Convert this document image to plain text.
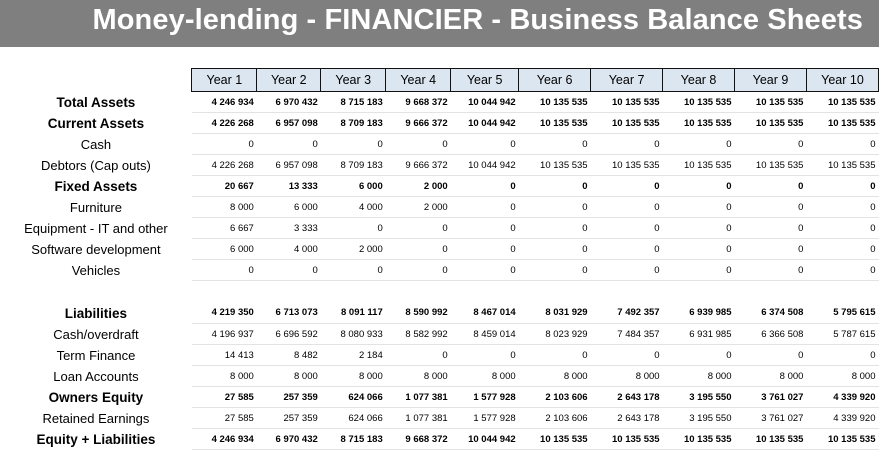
Money-lending - FINANCIER - Business Balance Sheets
	Year 1	Year 2	Year 3	Year 4	Year 5	Year 6	Year 7	Year 8	Year 9	Year 10
Total Assets	4 246 934	6 970 432	8 715 183	9 668 372	10 044 942	10 135 535	10 135 535	10 135 535	10 135 535	10 135 535
Current Assets	4 226 268	6 957 098	8 709 183	9 666 372	10 044 942	10 135 535	10 135 535	10 135 535	10 135 535	10 135 535
Cash	0	0	0	0	0	0	0	0	0	0
Debtors (Cap outs)	4 226 268	6 957 098	8 709 183	9 666 372	10 044 942	10 135 535	10 135 535	10 135 535	10 135 535	10 135 535
Fixed Assets	20 667	13 333	6 000	2 000	0	0	0	0	0	0
Furniture	8 000	6 000	4 000	2 000	0	0	0	0	0	0
Equipment - IT and other	6 667	3 333	0	0	0	0	0	0	0	0
Software development	6 000	4 000	2 000	0	0	0	0	0	0	0
Vehicles	0	0	0	0	0	0	0	0	0	0

Liabilities	4 219 350	6 713 073	8 091 117	8 590 992	8 467 014	8 031 929	7 492 357	6 939 985	6 374 508	5 795 615
Cash/overdraft	4 196 937	6 696 592	8 080 933	8 582 992	8 459 014	8 023 929	7 484 357	6 931 985	6 366 508	5 787 615
Term Finance	14 413	8 482	2 184	0	0	0	0	0	0	0
Loan Accounts	8 000	8 000	8 000	8 000	8 000	8 000	8 000	8 000	8 000	8 000
Owners Equity	27 585	257 359	624 066	1 077 381	1 577 928	2 103 606	2 643 178	3 195 550	3 761 027	4 339 920
Retained Earnings	27 585	257 359	624 066	1 077 381	1 577 928	2 103 606	2 643 178	3 195 550	3 761 027	4 339 920
Equity + Liabilities	4 246 934	6 970 432	8 715 183	9 668 372	10 044 942	10 135 535	10 135 535	10 135 535	10 135 535	10 135 535
